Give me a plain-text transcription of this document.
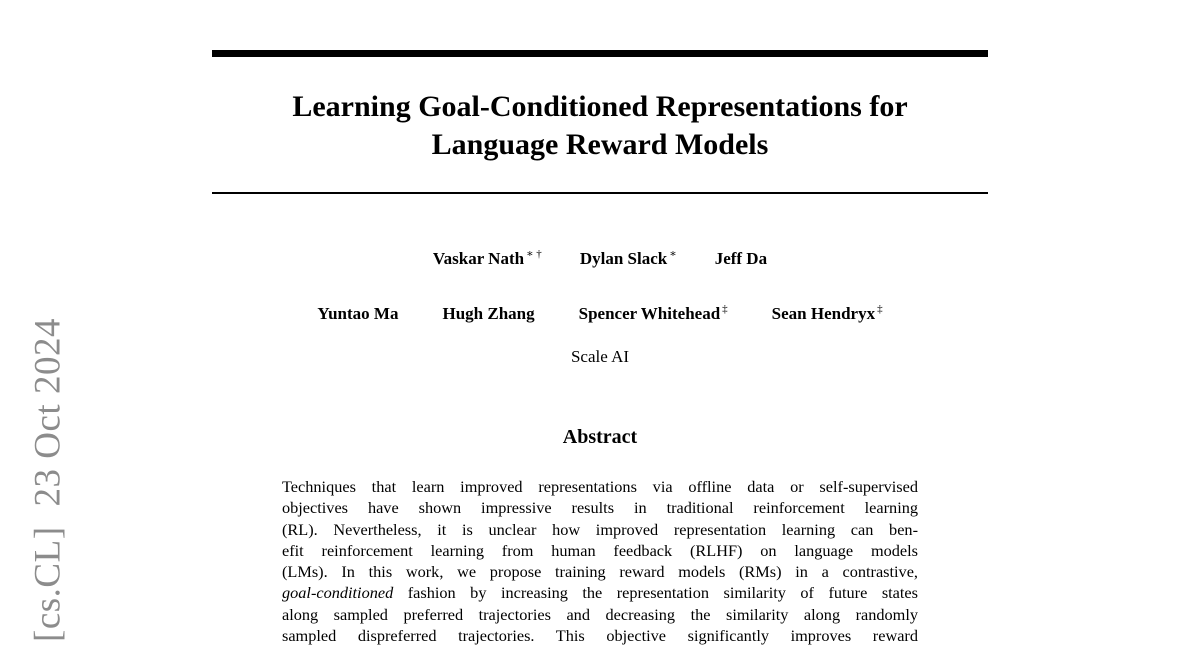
Learning Goal-Conditioned Representations for
Language Reward Models
Vaskar Nath ∗ † Dylan Slack ∗ Jeff Da
Yuntao Ma	Hugh Zhang	Spencer Whitehead ‡	Sean Hendryx ‡
Scale AI
Abstract
Techniques that learn improved representations via offline data or self-supervised
objectives have shown impressive results in traditional reinforcement learning
(RL). Nevertheless, it is unclear how improved representation learning can ben-
efit reinforcement learning from human feedback (RLHF) on language models
(LMs). In this work, we propose training reward models (RMs) in a contrastive,
goal-conditioned fashion by increasing the representation similarity of future states
along sampled preferred trajectories and decreasing the similarity along randomly
sampled dispreferred trajectories. This objective significantly improves reward
[cs.CL]23 Oct 2024
